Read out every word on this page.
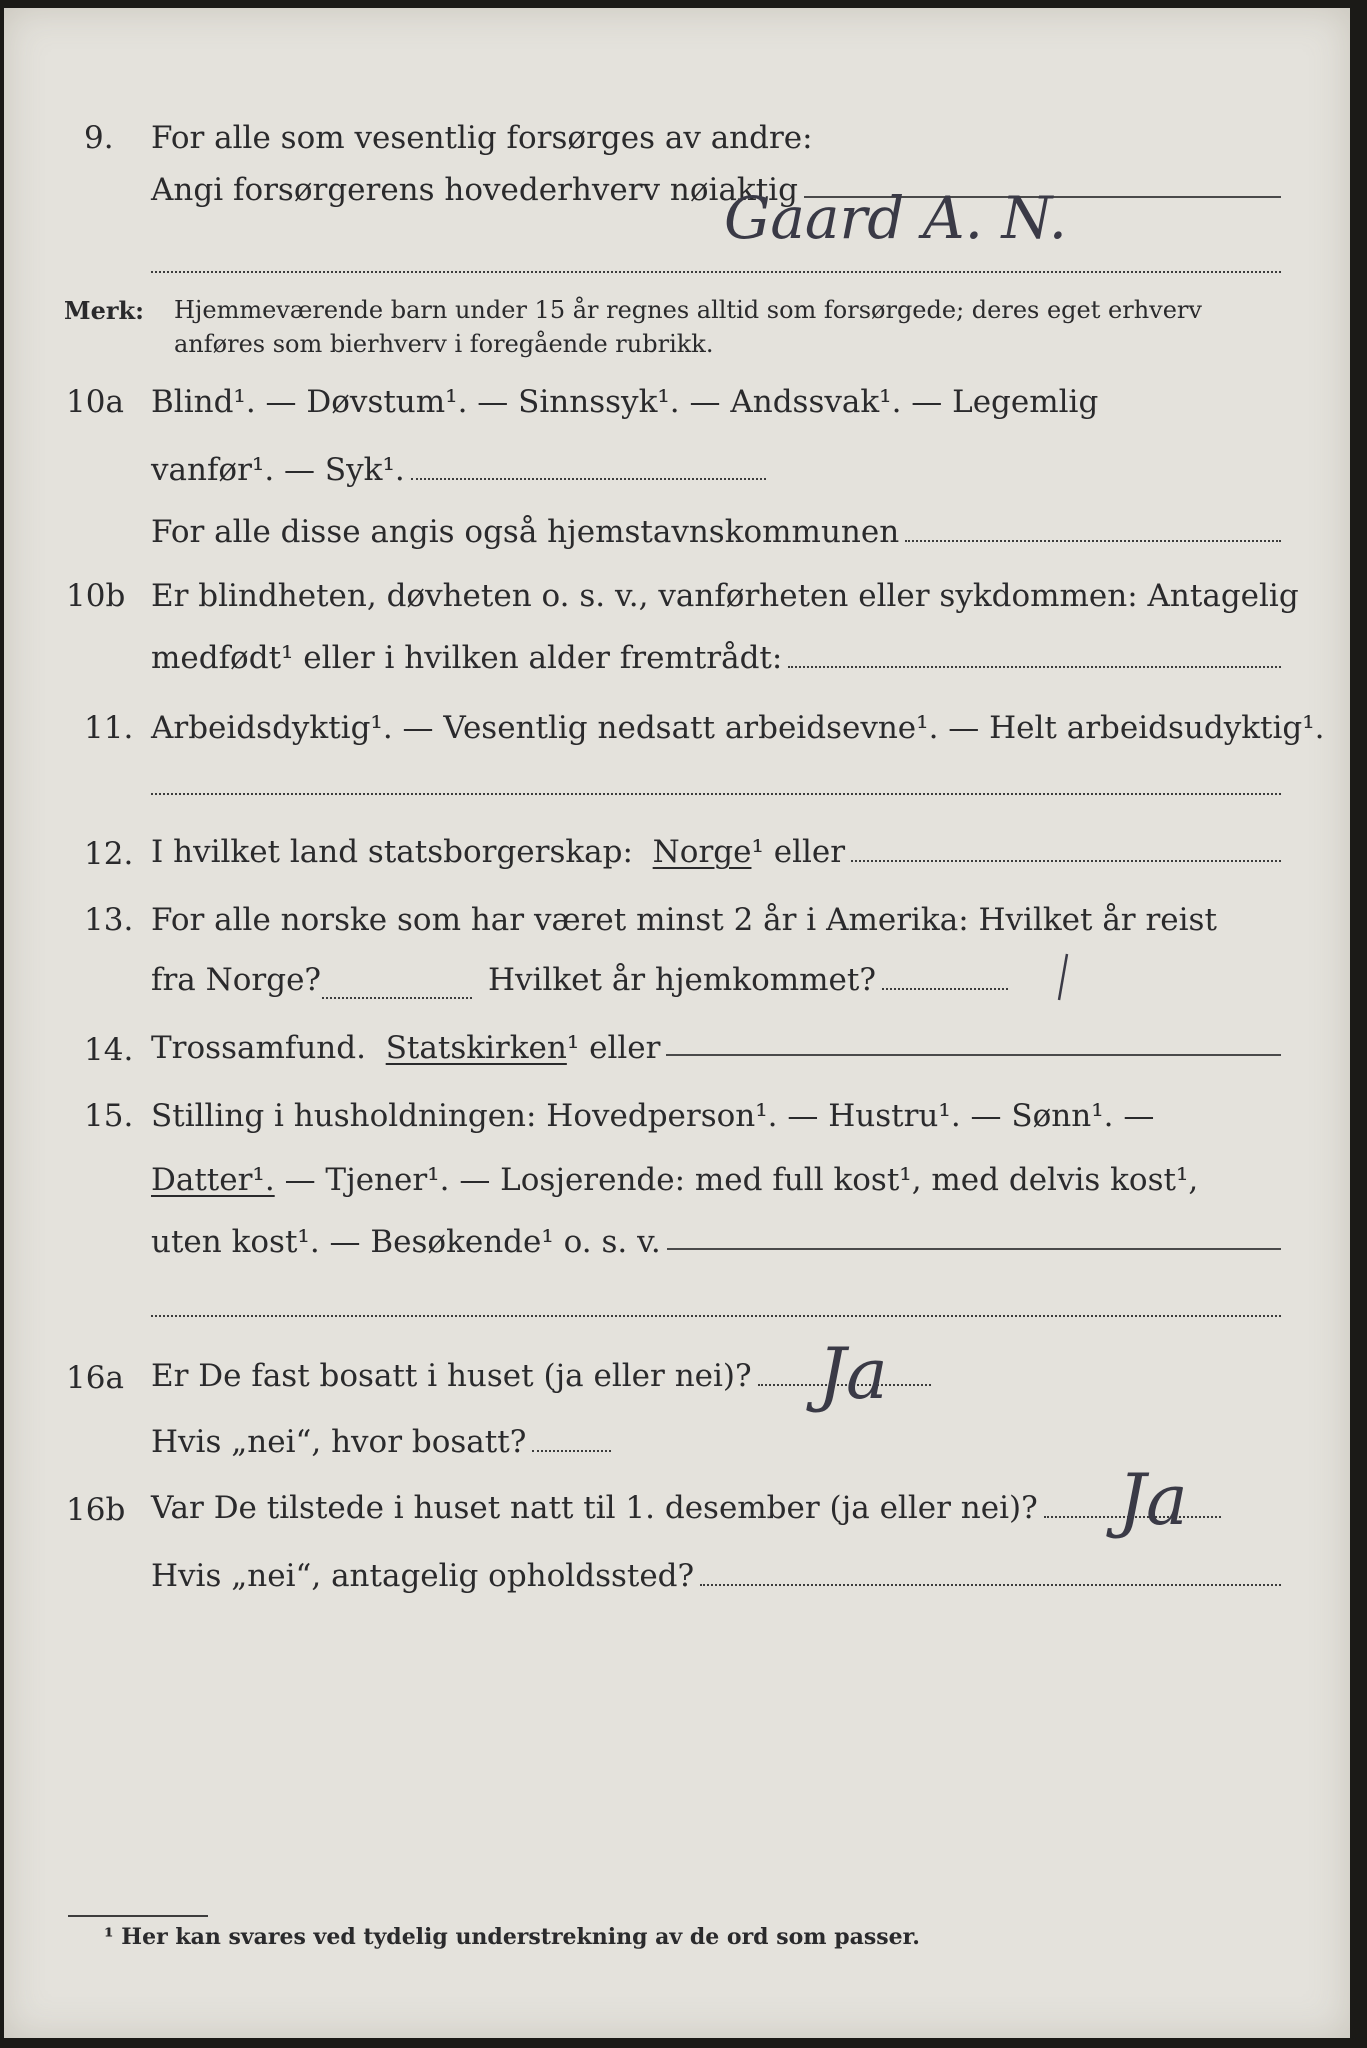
9. For alle som vesentlig forsørges av andre:
Angi forsørgerens hovederhverv nøiaktig
Gaard A. N.
Merk: Hjemmeværende barn under 15 år regnes alltid som forsørgede; deres eget erhverv
anføres som bierhverv i foregående rubrikk.
10a Blind¹. — Døvstum¹. — Sinnssyk¹. — Andssvak¹. — Legemlig
vanfør¹. — Syk¹.
For alle disse angis også hjemstavnskommunen
10b Er blindheten, døvheten o. s. v., vanførheten eller sykdommen: Antagelig
medfødt¹ eller i hvilken alder fremtrådt:
11. Arbeidsdyktig¹. — Vesentlig nedsatt arbeidsevne¹. — Helt arbeidsudyktig¹.
12. I hvilket land statsborgerskap: Norge¹ eller
13. For alle norske som har været minst 2 år i Amerika: Hvilket år reist
fra Norge?	Hvilket år hjemkommet?
14. Trossamfund. Statskirken¹ eller
15. Stilling i husholdningen: Hovedperson¹. — Hustru¹. — Sønn¹. —
Datter¹. — Tjener¹. — Losjerende: med full kost¹, med delvis kost¹,
uten kost¹. — Besøkende¹ o. s. v.
16a Er De fast bosatt i huset (ja eller nei)? Ja
Hvis „nei“, hvor bosatt?
16b Var De tilstede i huset natt til 1. desember (ja eller nei)? Ja
Hvis „nei“, antagelig opholdssted?
¹ Her kan svares ved tydelig understrekning av de ord som passer.
